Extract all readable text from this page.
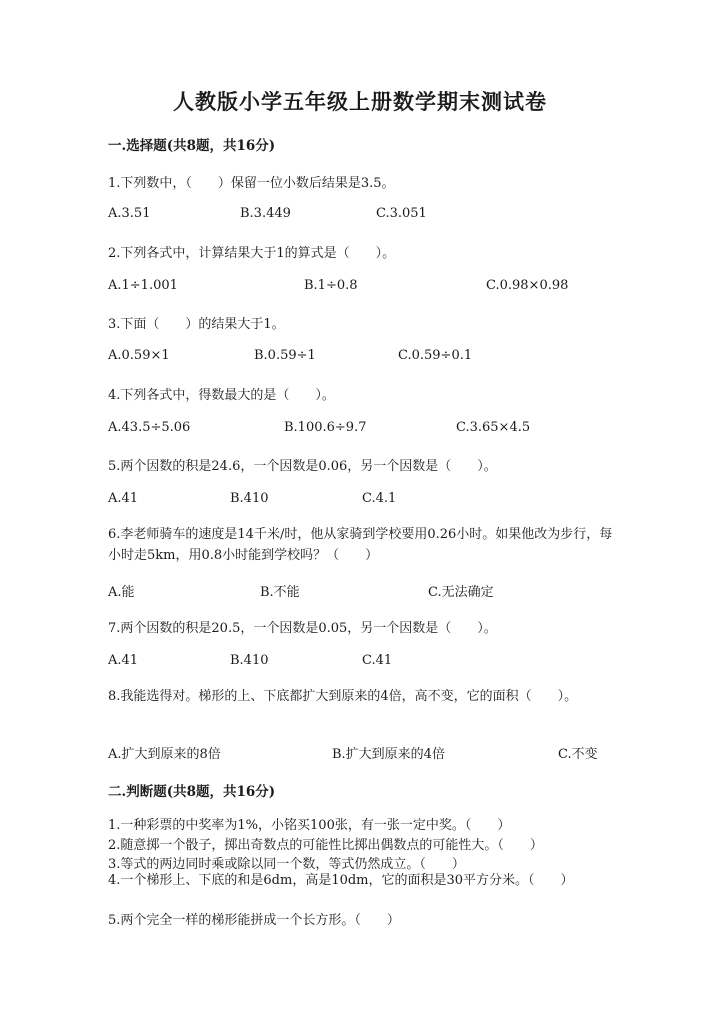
人教版小学五年级上册数学期末测试卷
一.选择题(共8题，共16分)
1.下列数中，（　　）保留一位小数后结果是3.5。
A.3.51	B.3.449	C.3.051
2.下列各式中，计算结果大于1的算式是（　　）。
A.1÷1.001	B.1÷0.8	C.0.98×0.98
3.下面（　　）的结果大于1。
A.0.59×1	B.0.59÷1	C.0.59÷0.1
4.下列各式中，得数最大的是（　　）。
A.43.5÷5.06	B.100.6÷9.7	C.3.65×4.5
5.两个因数的积是24.6，一个因数是0.06，另一个因数是（　　）。
A.41	B.410	C.4.1
6.李老师骑车的速度是14千米/时，他从家骑到学校要用0.26小时。如果他改为步行，每小时走5km，用0.8小时能到学校吗？（　　）
A.能	B.不能	C.无法确定
7.两个因数的积是20.5，一个因数是0.05，另一个因数是（　　）。
A.41	B.410	C.41
8.我能选得对。梯形的上、下底都扩大到原来的4倍，高不变，它的面积（　　）。
A.扩大到原来的8倍	B.扩大到原来的4倍	C.不变
二.判断题(共8题，共16分)
1.一种彩票的中奖率为1%，小铭买100张，有一张一定中奖。（　　）
2.随意掷一个骰子，掷出奇数点的可能性比掷出偶数点的可能性大。（　　）
3.等式的两边同时乘或除以同一个数，等式仍然成立。（　　）
4.一个梯形上、下底的和是6dm，高是10dm，它的面积是30平方分米。（　　）
5.两个完全一样的梯形能拼成一个长方形。（　　）
